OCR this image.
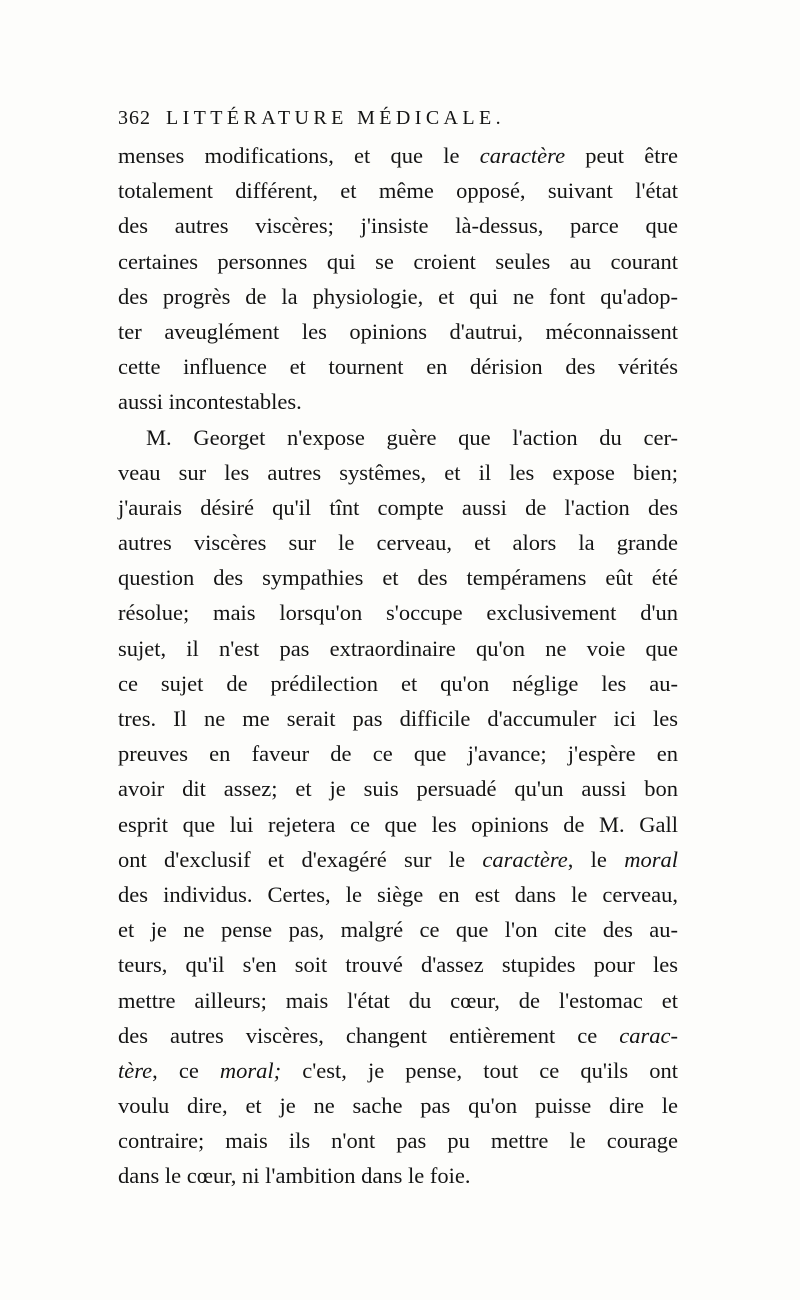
362 LITTÉRATURE MÉDICALE.
menses modifications, et que le caractère peut être
totalement différent, et même opposé, suivant l'état
des autres viscères; j'insiste là-dessus, parce que
certaines personnes qui se croient seules au courant
des progrès de la physiologie, et qui ne font qu'adop-
ter aveuglément les opinions d'autrui, méconnaissent
cette influence et tournent en dérision des vérités
aussi incontestables.
M. Georget n'expose guère que l'action du cer-
veau sur les autres systêmes, et il les expose bien;
j'aurais désiré qu'il tînt compte aussi de l'action des
autres viscères sur le cerveau, et alors la grande
question des sympathies et des tempéramens eût été
résolue; mais lorsqu'on s'occupe exclusivement d'un
sujet, il n'est pas extraordinaire qu'on ne voie que
ce sujet de prédilection et qu'on néglige les au-
tres. Il ne me serait pas difficile d'accumuler ici les
preuves en faveur de ce que j'avance; j'espère en
avoir dit assez; et je suis persuadé qu'un aussi bon
esprit que lui rejetera ce que les opinions de M. Gall
ont d'exclusif et d'exagéré sur le caractère, le moral
des individus. Certes, le siège en est dans le cerveau,
et je ne pense pas, malgré ce que l'on cite des au-
teurs, qu'il s'en soit trouvé d'assez stupides pour les
mettre ailleurs; mais l'état du cœur, de l'estomac et
des autres viscères, changent entièrement ce carac-
tère, ce moral; c'est, je pense, tout ce qu'ils ont
voulu dire, et je ne sache pas qu'on puisse dire le
contraire; mais ils n'ont pas pu mettre le courage
dans le cœur, ni l'ambition dans le foie.
